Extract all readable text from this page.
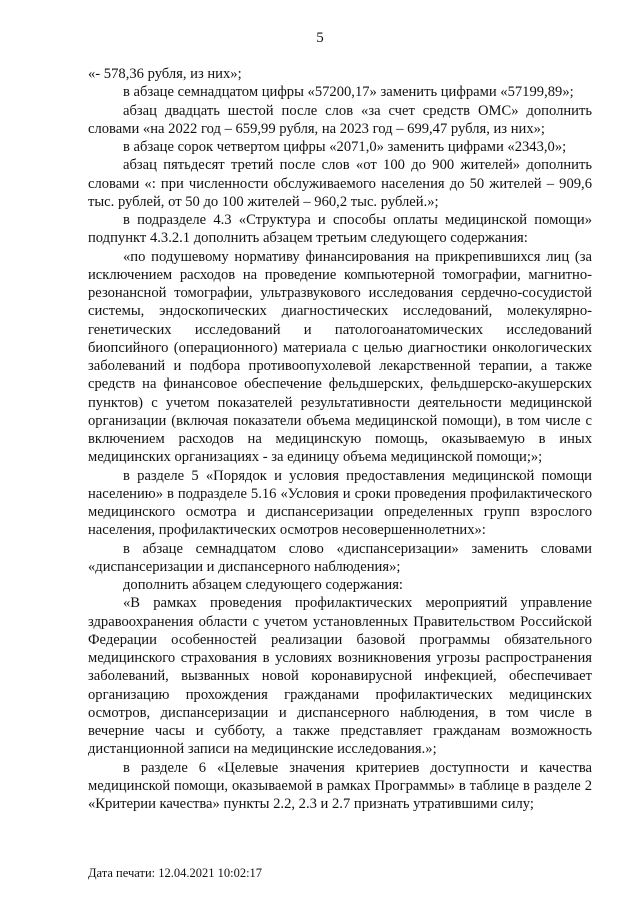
5

«- 578,36 рубля, из них»;

в абзаце семнадцатом цифры «57200,17» заменить цифрами «57199,89»;

абзац двадцать шестой после слов «за счет средств ОМС» дополнить словами «на 2022 год – 659,99 рубля, на 2023 год – 699,47 рубля, из них»;

в абзаце сорок четвертом цифры «2071,0» заменить цифрами «2343,0»;

абзац пятьдесят третий после слов «от 100 до 900 жителей» дополнить словами «: при численности обслуживаемого населения до 50 жителей – 909,6 тыс. рублей, от 50 до 100 жителей – 960,2 тыс. рублей.»;

в подразделе 4.3 «Структура и способы оплаты медицинской помощи» подпункт 4.3.2.1 дополнить абзацем третьим следующего содержания:

«по подушевому нормативу финансирования на прикрепившихся лиц (за исключением расходов на проведение компьютерной томографии, магнитно-резонансной томографии, ультразвукового исследования сердечно-сосудистой системы, эндоскопических диагностических исследований, молекулярно-генетических исследований и патологоанатомических исследований биопсийного (операционного) материала с целью диагностики онкологических заболеваний и подбора противоопухолевой лекарственной терапии, а также средств на финансовое обеспечение фельдшерских, фельдшерско-акушерских пунктов) с учетом показателей результативности деятельности медицинской организации (включая показатели объема медицинской помощи), в том числе с включением расходов на медицинскую помощь, оказываемую в иных медицинских организациях - за единицу объема медицинской помощи;»;

в разделе 5 «Порядок и условия предоставления медицинской помощи населению» в подразделе 5.16 «Условия и сроки проведения профилактического медицинского осмотра и диспансеризации определенных групп взрослого населения, профилактических осмотров несовершеннолетних»:

в абзаце семнадцатом слово «диспансеризации» заменить словами «диспансеризации и диспансерного наблюдения»;

дополнить абзацем следующего содержания:

«В рамках проведения профилактических мероприятий управление здравоохранения области с учетом установленных Правительством Российской Федерации особенностей реализации базовой программы обязательного медицинского страхования в условиях возникновения угрозы распространения заболеваний, вызванных новой коронавирусной инфекцией, обеспечивает организацию прохождения гражданами профилактических медицинских осмотров, диспансеризации и диспансерного наблюдения, в том числе в вечерние часы и субботу, а также представляет гражданам возможность дистанционной записи на медицинские исследования.»;

в разделе 6 «Целевые значения критериев доступности и качества медицинской помощи, оказываемой в рамках Программы» в таблице в разделе 2 «Критерии качества» пункты 2.2, 2.3 и 2.7 признать утратившими силу;

Дата печати: 12.04.2021 10:02:17
